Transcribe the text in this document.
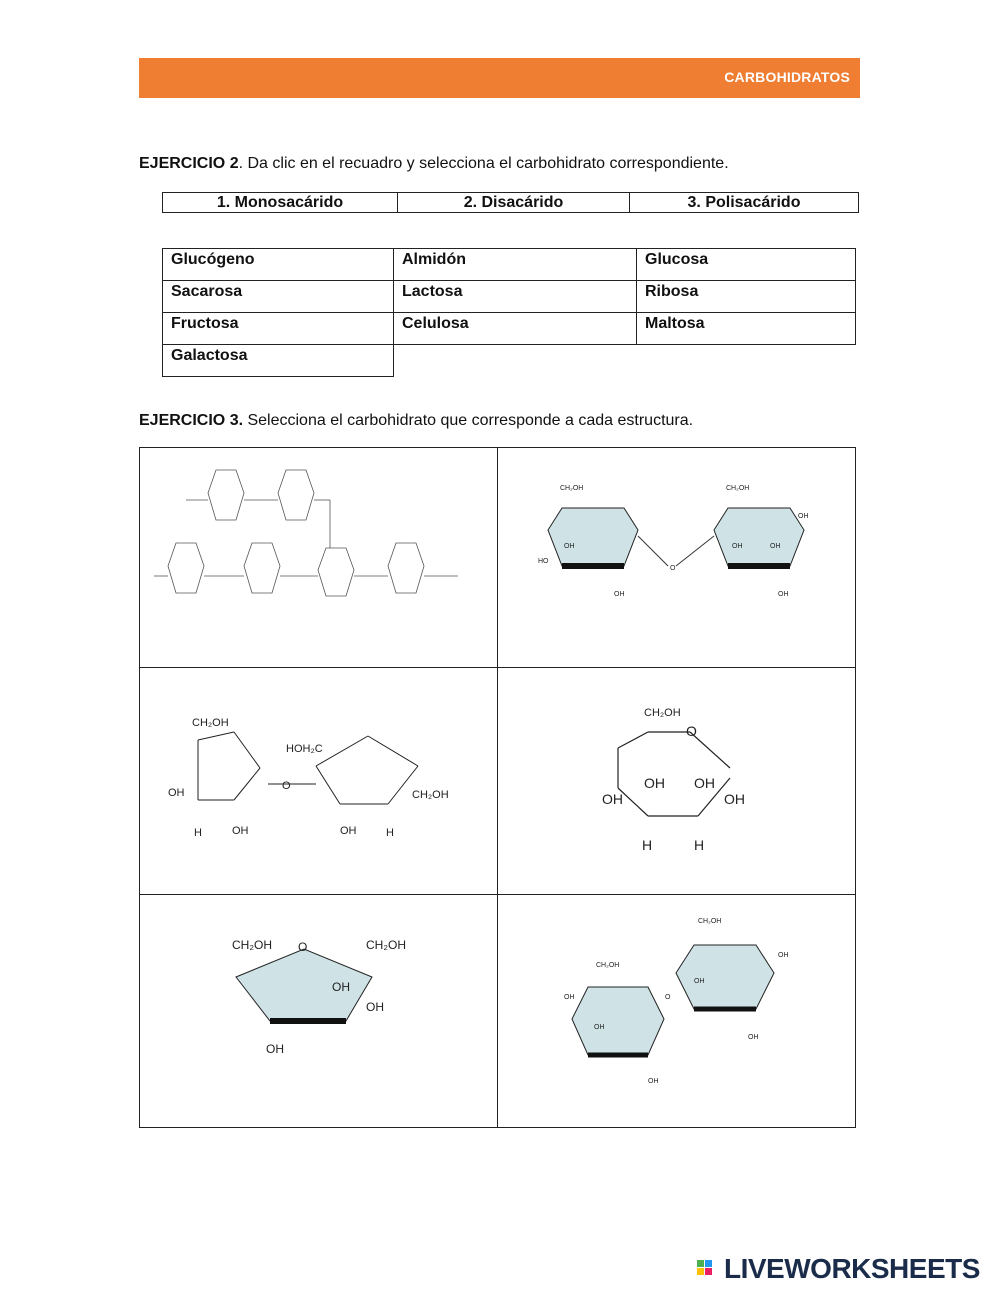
CARBOHIDRATOS
EJERCICIO 2. Da clic en el recuadro y selecciona el carbohidrato correspondiente.
1. Monosacárido	2. Disacárido	3. Polisacárido
Glucógeno	Almidón	Glucosa
Sacarosa	Lactosa	Ribosa
Fructosa	Celulosa	Maltosa
Galactosa
EJERCICIO 3. Selecciona el carbohidrato que corresponde a cada estructura.
CH₂OH	CH₂OH
O
HO
OH	OH
OH
OH
OH	OH
CH₂OH
HOH₂C
O
CH₂OH
OH
OH	OH
H	H
CH₂OH
O
OH OH
OH	OH
H	H
CH₂OH O	CH₂OH
OH
OH
OH
CH₂OH
CH₂OH
OH
OH
OH
OH
OH
OH
O
LIVEWORKSHEETS
